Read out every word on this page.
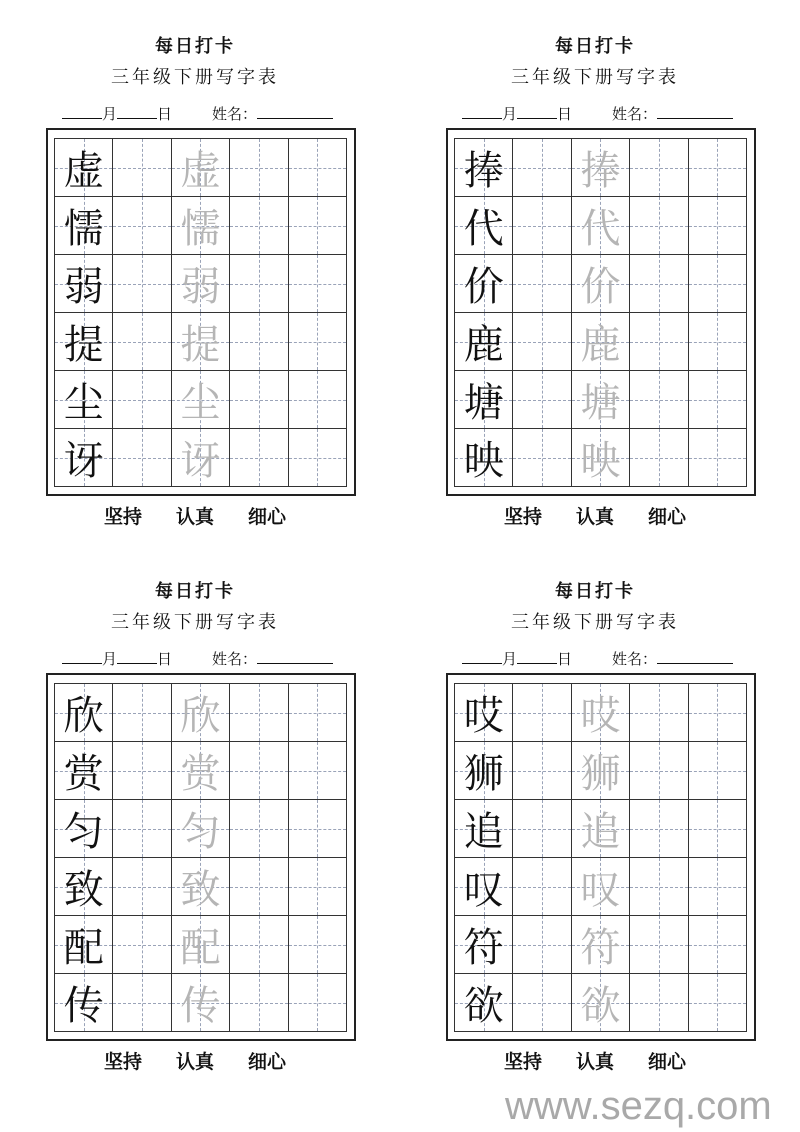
每日打卡
三年级下册写字表
月	日	姓名：
哎 哎
狮 狮
追 追
叹 叹
符 符
欲 欲
坚持 认真 细心
每日打卡
三年级下册写字表
月	日	姓名：
欣 欣
赏 赏
匀 匀
致 致
配 配
传 传
坚持 认真 细心
每日打卡
三年级下册写字表
月	日	姓名：
捧 捧
代 代
价 价
鹿 鹿
塘 塘
映 映
坚持 认真 细心
每日打卡
三年级下册写字表
月	日	姓名：
虚 虚
懦 懦
弱 弱
提 提
尘 尘
讶 讶
坚持 认真 细心
www.sezq.com
